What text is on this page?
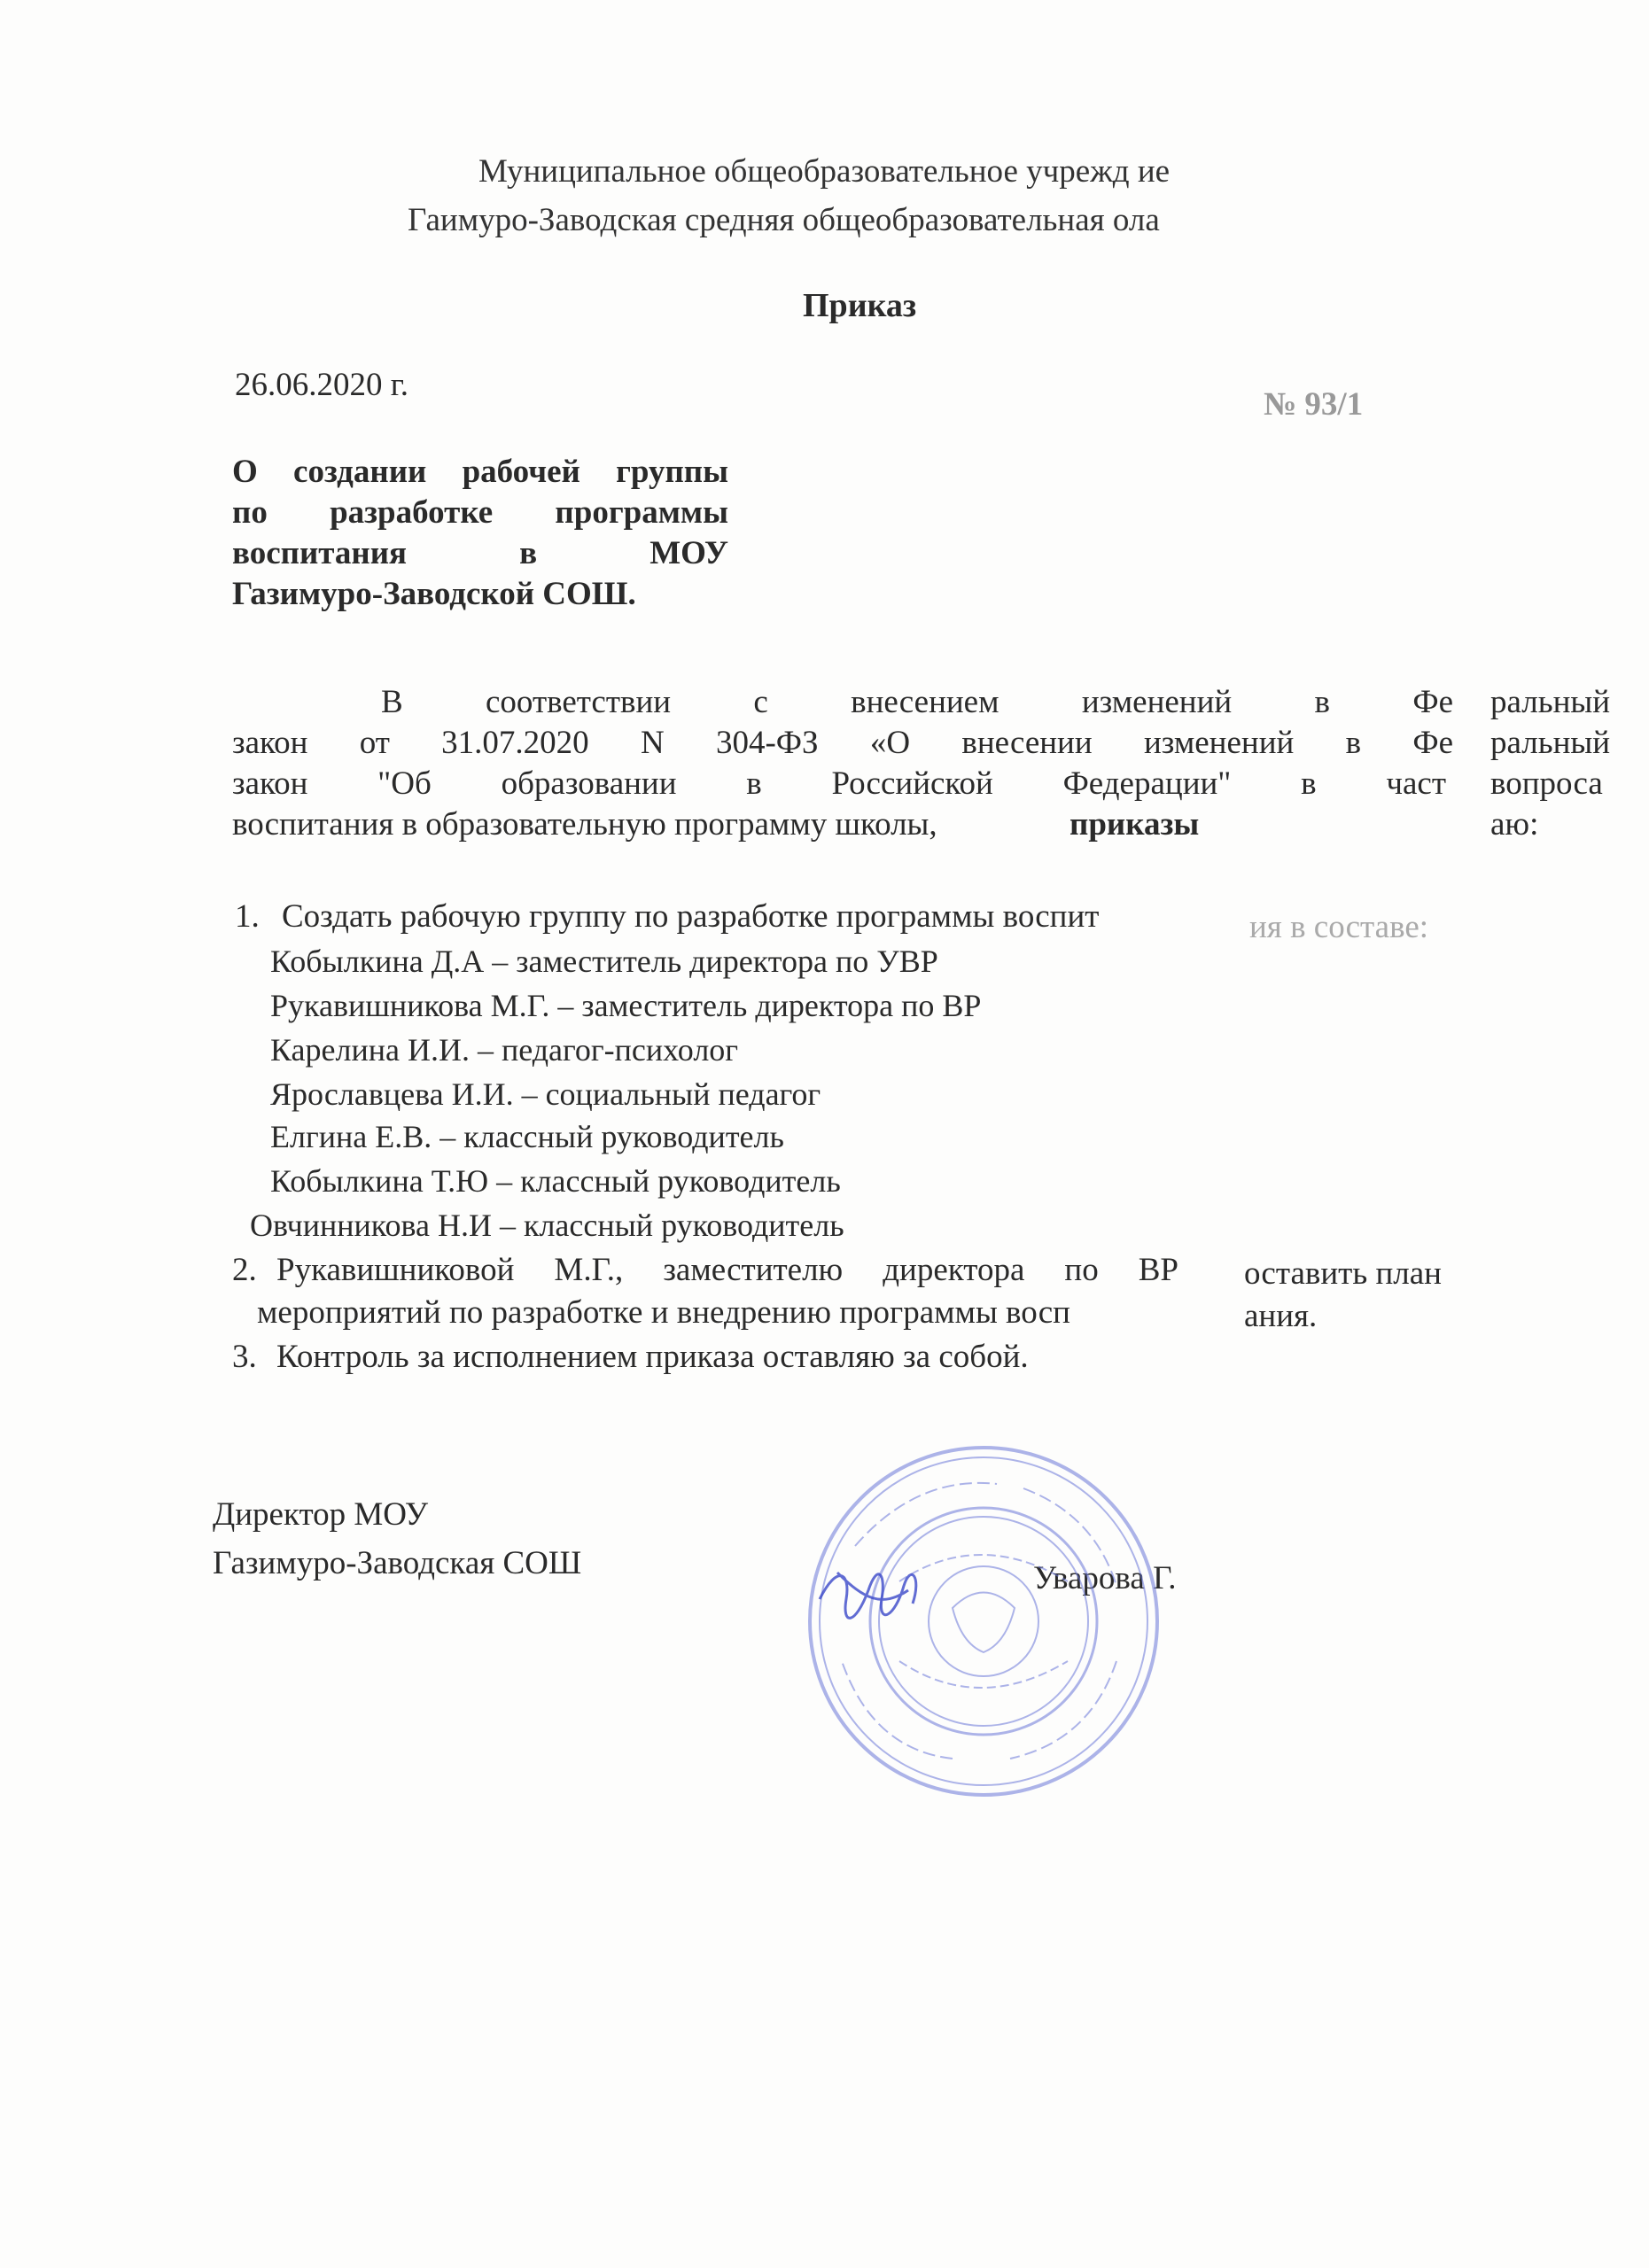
Муниципальное общеобразовательное учрежд ие
Гаимуро-Заводская средняя общеобразовательная ола
Приказ
26.06.2020 г.
№ 93/1
О создании рабочей группы
по разработке программы
воспитания в МОУ
Газимуро-Заводской СОШ.
В соответствии с внесением изменений в Фе ральный
закон от 31.07.2020 N 304-ФЗ «О внесении изменений в Фе ральный
закон "Об образовании в Российской Федерации" в част вопроса
воспитания в образовательную программу школы,	приказы	аю:
1. Создать рабочую группу по разработке программы воспит	ия в составе:
Кобылкина Д.А – заместитель директора по УВР
Рукавишникова М.Г. – заместитель директора по ВР
Карелина И.И. – педагог-психолог
Ярославцева И.И. – социальный педагог
Елгина Е.В. – классный руководитель
Кобылкина Т.Ю – классный руководитель
Овчинникова Н.И – классный руководитель
2. Рукавишниковой М.Г., заместителю директора по ВР оставить план
мероприятий по разработке и внедрению программы восп	ания.
3. Контроль за исполнением приказа оставляю за собой.
Директор МОУ
Газимуро-Заводская СОШ	Уварова Г.
